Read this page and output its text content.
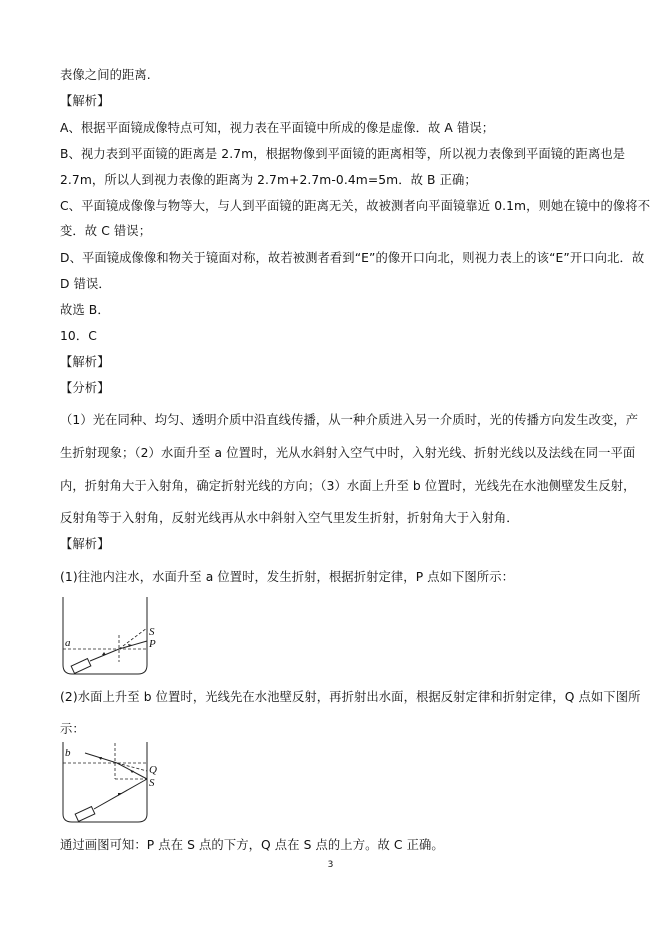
表像之间的距离.
【解析】
A、根据平面镜成像特点可知，视力表在平面镜中所成的像是虚像．故 A 错误；
B、视力表到平面镜的距离是 2.7m，根据物像到平面镜的距离相等，所以视力表像到平面镜的距离也是
2.7m，所以人到视力表像的距离为 2.7m+2.7m-0.4m=5m．故 B 正确；
C、平面镜成像像与物等大，与人到平面镜的距离无关，故被测者向平面镜靠近 0.1m，则她在镜中的像将不
变．故 C 错误；
D、平面镜成像像和物关于镜面对称，故若被测者看到“E”的像开口向北，则视力表上的该“E”开口向北．故
D 错误．
故选 B．
10．C
【解析】
【分析】
（1）光在同种、均匀、透明介质中沿直线传播，从一种介质进入另一介质时，光的传播方向发生改变，产
生折射现象；（2）水面升至 a 位置时，光从水斜射入空气中时，入射光线、折射光线以及法线在同一平面
内，折射角大于入射角，确定折射光线的方向；（3）水面上升至 b 位置时，光线先在水池侧壁发生反射，
反射角等于入射角，反射光线再从水中斜射入空气里发生折射，折射角大于入射角．
【解析】
(1)往池内注水，水面升至 a 位置时，发生折射，根据折射定律，P 点如下图所示：
S
P
a
(2)水面上升至 b 位置时，光线先在水池壁反射，再折射出水面，根据反射定律和折射定律，Q 点如下图所
示：
b
Q
S
通过画图可知：P 点在 S 点的下方，Q 点在 S 点的上方。故 C 正确。
3
